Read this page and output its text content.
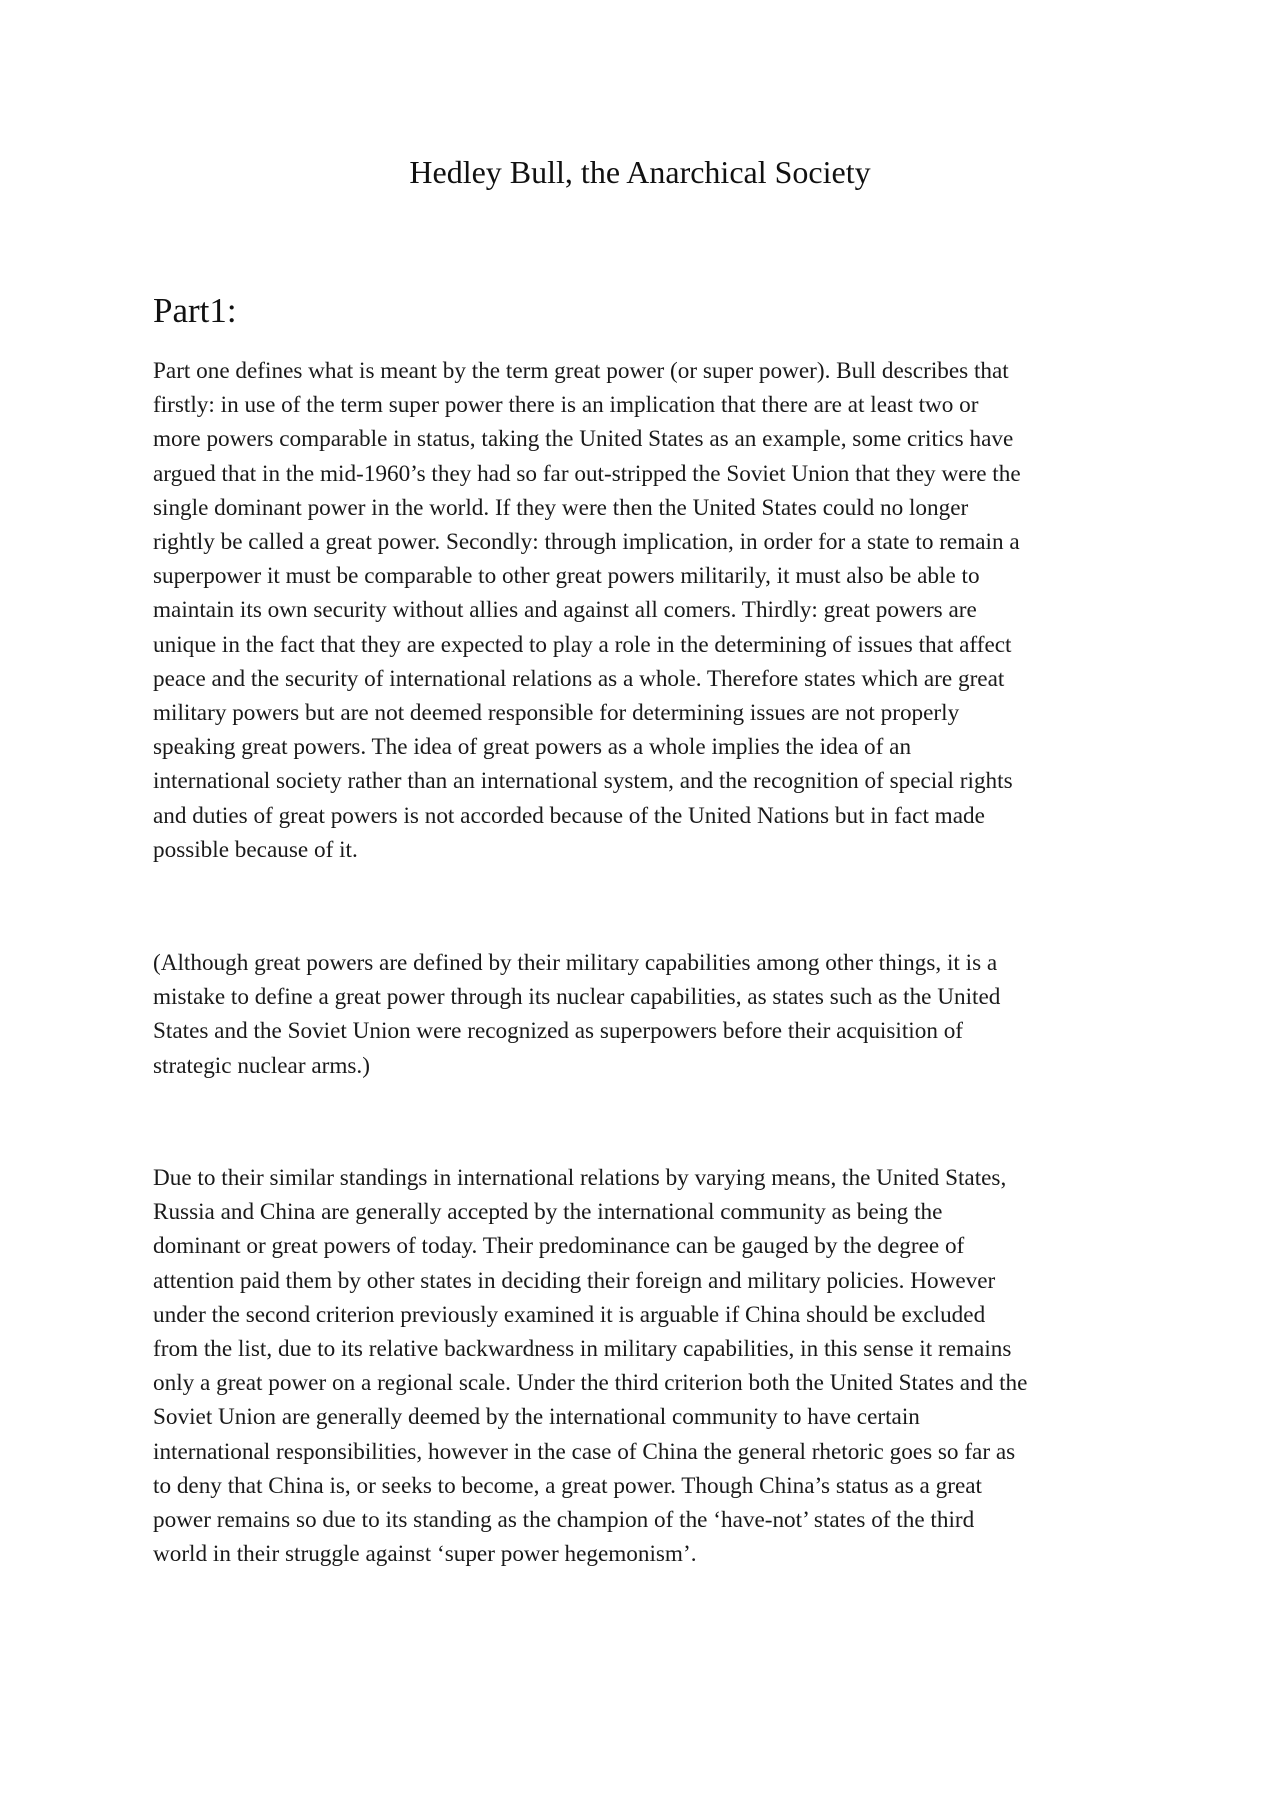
Hedley Bull, the Anarchical Society
Part1:
Part one defines what is meant by the term great power (or super power). Bull describes that
firstly: in use of the term super power there is an implication that there are at least two or
more powers comparable in status, taking the United States as an example, some critics have
argued that in the mid-1960’s they had so far out-stripped the Soviet Union that they were the
single dominant power in the world. If they were then the United States could no longer
rightly be called a great power. Secondly: through implication, in order for a state to remain a
superpower it must be comparable to other great powers militarily, it must also be able to
maintain its own security without allies and against all comers. Thirdly: great powers are
unique in the fact that they are expected to play a role in the determining of issues that affect
peace and the security of international relations as a whole. Therefore states which are great
military powers but are not deemed responsible for determining issues are not properly
speaking great powers. The idea of great powers as a whole implies the idea of an
international society rather than an international system, and the recognition of special rights
and duties of great powers is not accorded because of the United Nations but in fact made
possible because of it.
(Although great powers are defined by their military capabilities among other things, it is a
mistake to define a great power through its nuclear capabilities, as states such as the United
States and the Soviet Union were recognized as superpowers before their acquisition of
strategic nuclear arms.)
Due to their similar standings in international relations by varying means, the United States,
Russia and China are generally accepted by the international community as being the
dominant or great powers of today. Their predominance can be gauged by the degree of
attention paid them by other states in deciding their foreign and military policies. However
under the second criterion previously examined it is arguable if China should be excluded
from the list, due to its relative backwardness in military capabilities, in this sense it remains
only a great power on a regional scale. Under the third criterion both the United States and the
Soviet Union are generally deemed by the international community to have certain
international responsibilities, however in the case of China the general rhetoric goes so far as
to deny that China is, or seeks to become, a great power. Though China’s status as a great
power remains so due to its standing as the champion of the ‘have-not’ states of the third
world in their struggle against ‘super power hegemonism’.
